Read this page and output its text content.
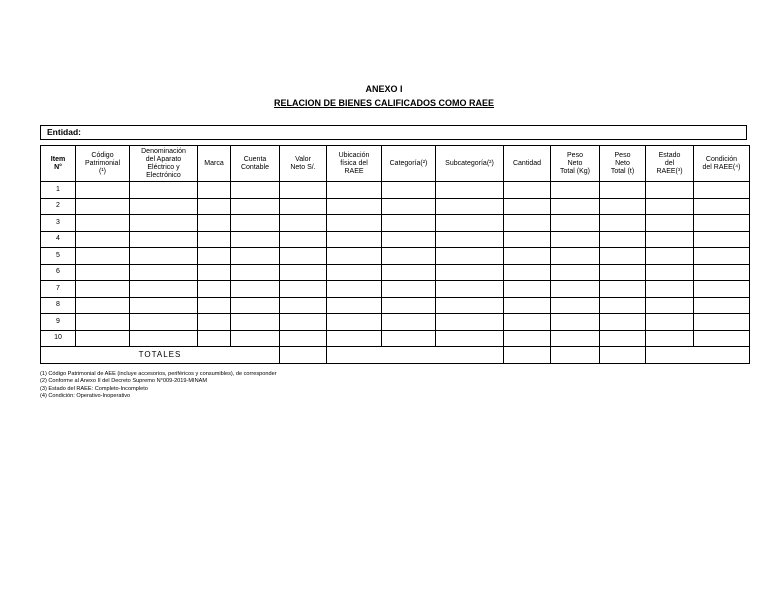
ANEXO I
RELACION DE BIENES CALIFICADOS COMO RAEE
Entidad:
Item
N°	Código
Patrimonial
(¹)	Denominación
del Aparato
Eléctrico y
Electrónico	Marca	Cuenta
Contable	Valor
Neto S/.	Ubicación
física del
RAEE	Categoría(²)	Subcategoría(²)	Cantidad	Peso
Neto
Total (Kg)	Peso
Neto
Total (t)	Estado
del
RAEE(³)	Condición
del RAEE(⁴)
1													
2													
3													
4													
5													
6													
7													
8													
9													
10													
TOTALES													
(1) Código Patrimonial de AEE (incluye accesorios, periféricos y consumibles), de corresponder
(2) Conforme al Anexo II del Decreto Supremo N°009-2019-MINAM
(3) Estado del RAEE: Completo-Incompleto
(4) Condición: Operativo-Inoperativo
